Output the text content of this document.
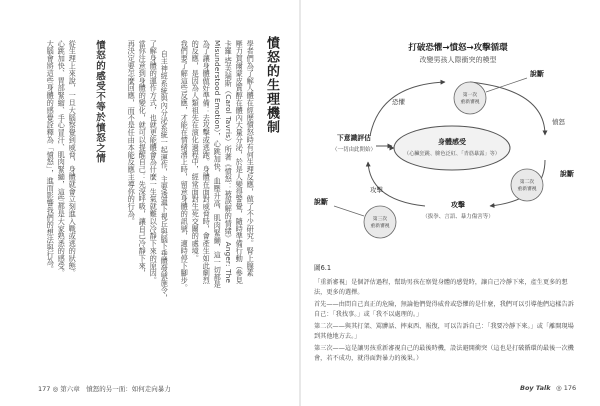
憤怒的生理機制
學者們為了解人體在經歷憤怒時有何生理反應，做了不少研究。腎上腺素
壓力賀爾蒙皮質醇在體內大量分泌，於是人變得警覺，隨時準備行動（參見
卡羅‧塔芙瑞斯（Carol Tavris）所著《憤怒：被誤解的情緒》Anger: The
Misunderstood Emotion），心跳加快、血壓升高、肌肉緊繃，這一切都是
為了讓身體做好準備：去攻擊或逃跑。身體在面對威脅時，會產生如此劇烈
的反應，是因為人類祖先在演化過程中，經常面對生死交關的處境。
我們要了解這些反應，才能在情緒湧上時，留意身體的訊號，適時停下腳步。
自主神經系統與內分泌系統一起運作，主要透過下視丘與腦下垂體發號施令，
了解身體的運作方式，也就更能體會為什麼一生氣就難以冷靜下來的原因。
當你注意到身體的變化，就可以提醒自己：先深呼吸，讓自己冷靜下來，
再決定要怎麼回應，而不是任由本能反應主導你的行為。
憤怒的感受不等於憤怒之情
從生理上來說，一旦大腦察覺到威脅，身體就會立刻進入戰或逃的狀態。
心跳加快、胃部緊縮、手心冒汗、肌肉緊繃，這些都是大家熟悉的感受。
大腦會將這些身體的感覺詮釋為「憤怒」，進而影響我們的想法與行為。
177 ◎ 第六章　憤怒的另一面：如何走向暴力
打破恐懼→憤怒→攻擊循環
改變男孩人際衝突的模型
恐懼
憤怒
攻擊
身體感受
（心臟狂跳、臉色泛紅、「青筋暴露」等）
下意識評估
（一切由此開始）
攻擊
（拔拳、言語、暴力傷害等）
第一次
重新審視
說斷
第二次
重新審視
說斷
第三次
重新審視
說斷
圖6.1
「重新審視」是個評估過程，幫助男孩在察覺身體的感覺時，讓自己冷靜下來，產生更多的想法，更多的選擇。
首先——由問自己真正的危險，無論他們覺得威脅或恐懼的是什麼，我們可以引導他們這樣告訴自己：「我找事。」或「我不以處理的。」
第二次——與其打架、罵髒話、摔東西、報復，可以告訴自己：「我要冷靜下來。」或「離開現場到其他地方去。」
第三次——這是讓男孩重新審視自己的最後時機，設法避開衝突（這也是打破循環的最後一次機會，若不成功，就得面對暴力的後果。）
Boy Talk ◎ 176
